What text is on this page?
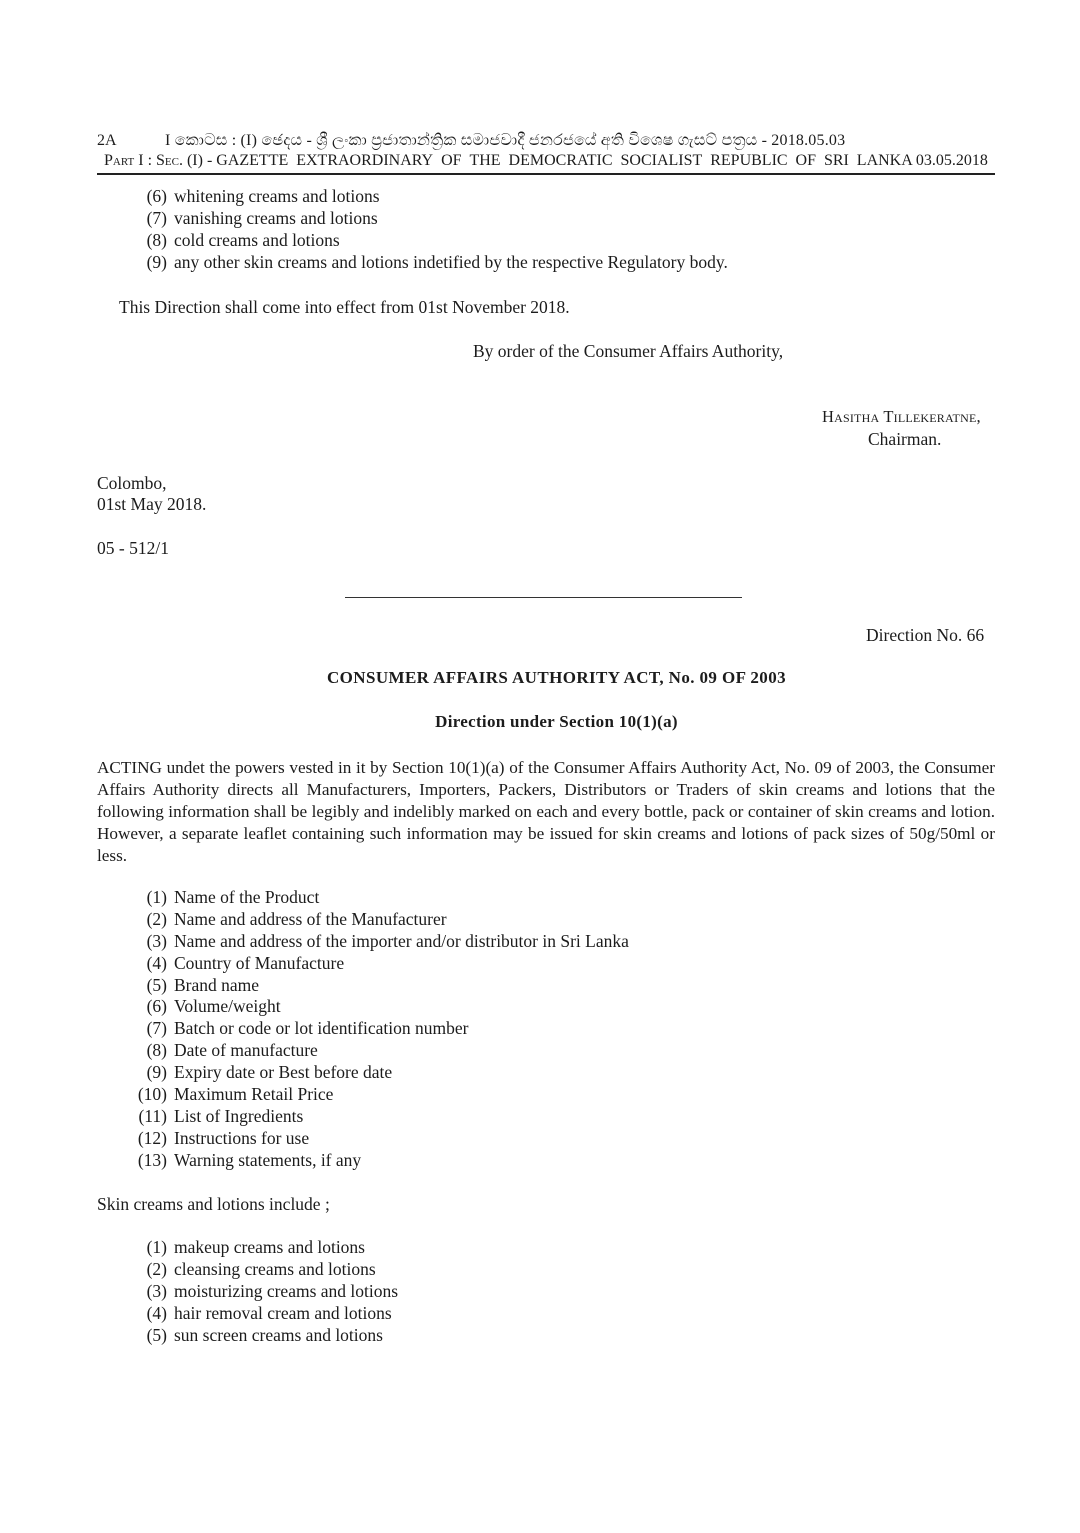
2A	I කොටස : (I) ඡෙදය - ශ්‍රී ලංකා ප්‍රජාතාන්ත්‍රික සමාජවාදී ජනරජයේ අති විශෙෂ ගැසට් පත්‍රය - 2018.05.03
Part I : Sec. (I) - GAZETTE EXTRAORDINARY OF THE DEMOCRATIC SOCIALIST REPUBLIC OF SRI LANKA 03.05.2018
(6) whitening creams and lotions
(7) vanishing creams and lotions
(8) cold creams and lotions
(9) any other skin creams and lotions indetified by the respective Regulatory body.
This Direction shall come into effect from 01st November 2018.
By order of the Consumer Affairs Authority,
Hasitha Tillekeratne,
Chairman.
Colombo,
01st May 2018.
05 - 512/1
Direction No. 66
CONSUMER AFFAIRS AUTHORITY ACT, No. 09 OF 2003
Direction under Section 10(1)(a)
ACTING undet the powers vested in it by Section 10(1)(a) of the Consumer Affairs Authority Act, No. 09 of 2003, the Consumer Affairs Authority directs all Manufacturers, Importers, Packers, Distributors or Traders of skin creams and lotions that the following information shall be legibly and indelibly marked on each and every bottle, pack or container of skin creams and lotion. However, a separate leaflet containing such information may be issued for skin creams and lotions of pack sizes of 50g/50ml or less.
(1) Name of the Product
(2) Name and address of the Manufacturer
(3) Name and address of the importer and/or distributor in Sri Lanka
(4) Country of Manufacture
(5) Brand name
(6) Volume/weight
(7) Batch or code or lot identification number
(8) Date of manufacture
(9) Expiry date or Best before date
(10) Maximum Retail Price
(11) List of Ingredients
(12) Instructions for use
(13) Warning statements, if any
Skin creams and lotions include ;
(1) makeup creams and lotions
(2) cleansing creams and lotions
(3) moisturizing creams and lotions
(4) hair removal cream and lotions
(5) sun screen creams and lotions
